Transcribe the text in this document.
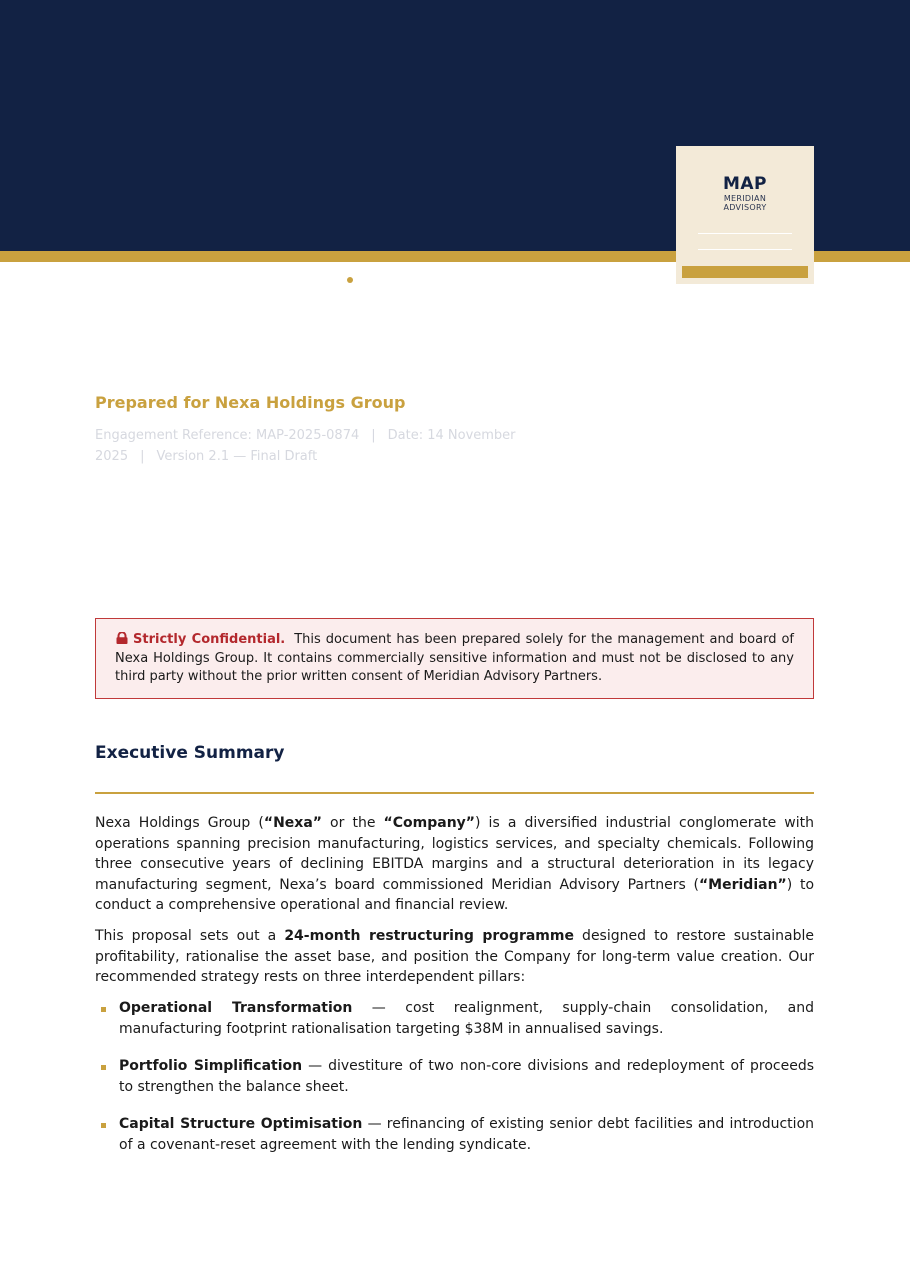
MAP
MERIDIAN
ADVISORY
Prepared for Nexa Holdings Group
Engagement Reference: MAP-2025-0874 | Date: 14 November 2025 | Version 2.1 — Final Draft
Strictly Confidential. This document has been prepared solely for the management and board of Nexa Holdings Group. It contains commercially sensitive information and must not be disclosed to any third party without the prior written consent of Meridian Advisory Partners.
Executive Summary

Nexa Holdings Group (“Nexa” or the “Company”) is a diversified industrial conglomerate with operations spanning precision manufacturing, logistics services, and specialty chemicals. Following three consecutive years of declining EBITDA margins and a structural deterioration in its legacy manufacturing segment, Nexa’s board commissioned Meridian Advisory Partners (“Meridian”) to conduct a comprehensive operational and financial review.

This proposal sets out a 24-month restructuring programme designed to restore sustainable profitability, rationalise the asset base, and position the Company for long-term value creation. Our recommended strategy rests on three interdependent pillars:

Operational Transformation — cost realignment, supply-chain consolidation, and manufacturing footprint rationalisation targeting $38M in annualised savings.
Portfolio Simplification — divestiture of two non-core divisions and redeployment of proceeds to strengthen the balance sheet.
Capital Structure Optimisation — refinancing of existing senior debt facilities and introduction of a covenant-reset agreement with the lending syndicate.
